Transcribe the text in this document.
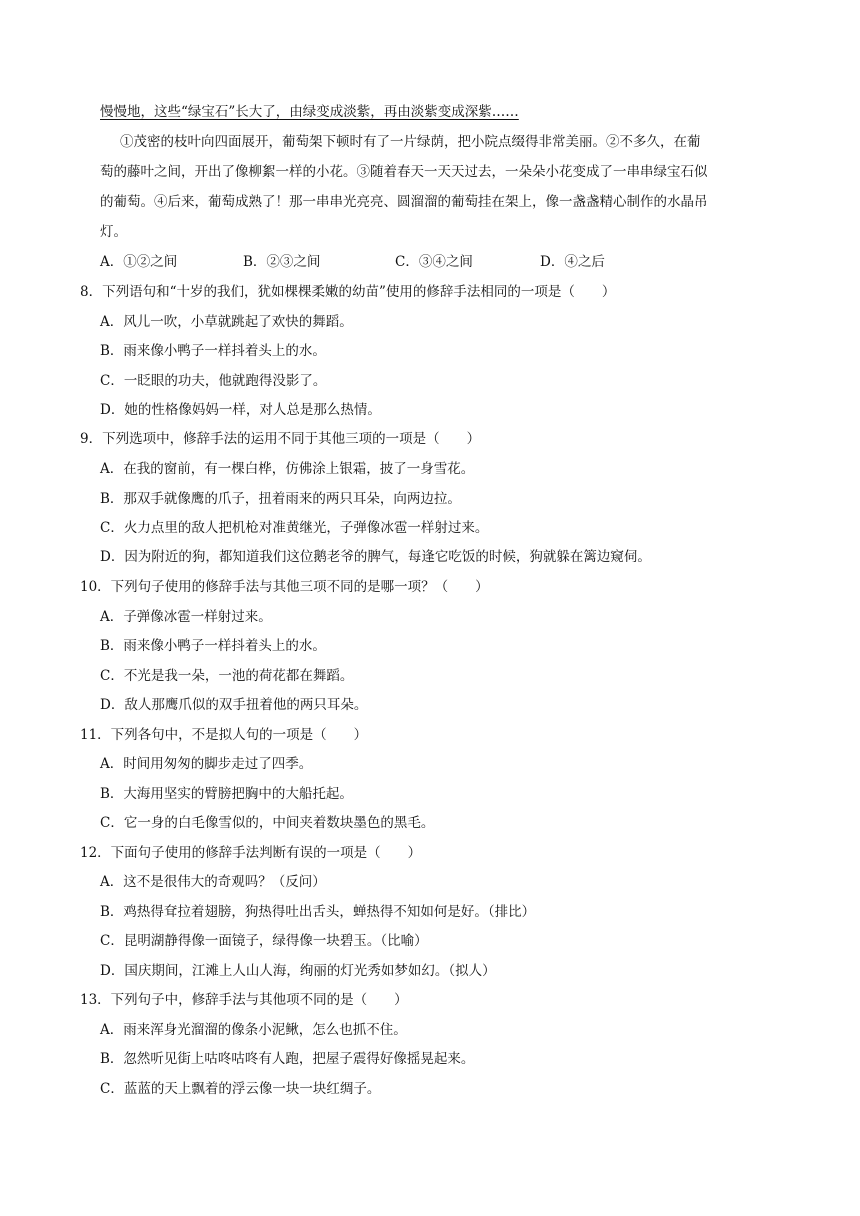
慢慢地，这些“绿宝石”长大了，由绿变成淡紫，再由淡紫变成深紫……
①茂密的枝叶向四面展开，葡萄架下顿时有了一片绿荫，把小院点缀得非常美丽。②不多久，在葡
萄的藤叶之间，开出了像柳絮一样的小花。③随着春天一天天过去，一朵朵小花变成了一串串绿宝石似
的葡萄。④后来，葡萄成熟了！那一串串光亮亮、圆溜溜的葡萄挂在架上，像一盏盏精心制作的水晶吊
灯。
A．①②之间	B．②③之间	C．③④之间	D．④之后
8．下列语句和“十岁的我们，犹如棵棵柔嫩的幼苗”使用的修辞手法相同的一项是（　　）
A．风儿一吹，小草就跳起了欢快的舞蹈。
B．雨来像小鸭子一样抖着头上的水。
C．一眨眼的功夫，他就跑得没影了。
D．她的性格像妈妈一样，对人总是那么热情。
9．下列选项中，修辞手法的运用不同于其他三项的一项是（　　）
A．在我的窗前，有一棵白桦，仿佛涂上银霜，披了一身雪花。
B．那双手就像鹰的爪子，扭着雨来的两只耳朵，向两边拉。
C．火力点里的敌人把机枪对准黄继光，子弹像冰雹一样射过来。
D．因为附近的狗，都知道我们这位鹅老爷的脾气，每逢它吃饭的时候，狗就躲在篱边窥伺。
10．下列句子使用的修辞手法与其他三项不同的是哪一项？（　　）
A．子弹像冰雹一样射过来。
B．雨来像小鸭子一样抖着头上的水。
C．不光是我一朵，一池的荷花都在舞蹈。
D．敌人那鹰爪似的双手扭着他的两只耳朵。
11．下列各句中，不是拟人句的一项是（　　）
A．时间用匆匆的脚步走过了四季。
B．大海用坚实的臂膀把胸中的大船托起。
C．它一身的白毛像雪似的，中间夹着数块墨色的黑毛。
12．下面句子使用的修辞手法判断有误的一项是（　　）
A．这不是很伟大的奇观吗？（反问）
B．鸡热得耷拉着翅膀，狗热得吐出舌头，蝉热得不知如何是好。（排比）
C．昆明湖静得像一面镜子，绿得像一块碧玉。（比喻）
D．国庆期间，江滩上人山人海，绚丽的灯光秀如梦如幻。（拟人）
13．下列句子中，修辞手法与其他项不同的是（　　）
A．雨来浑身光溜溜的像条小泥鳅，怎么也抓不住。
B．忽然听见街上咕咚咕咚有人跑，把屋子震得好像摇晃起来。
C．蓝蓝的天上飘着的浮云像一块一块红绸子。
